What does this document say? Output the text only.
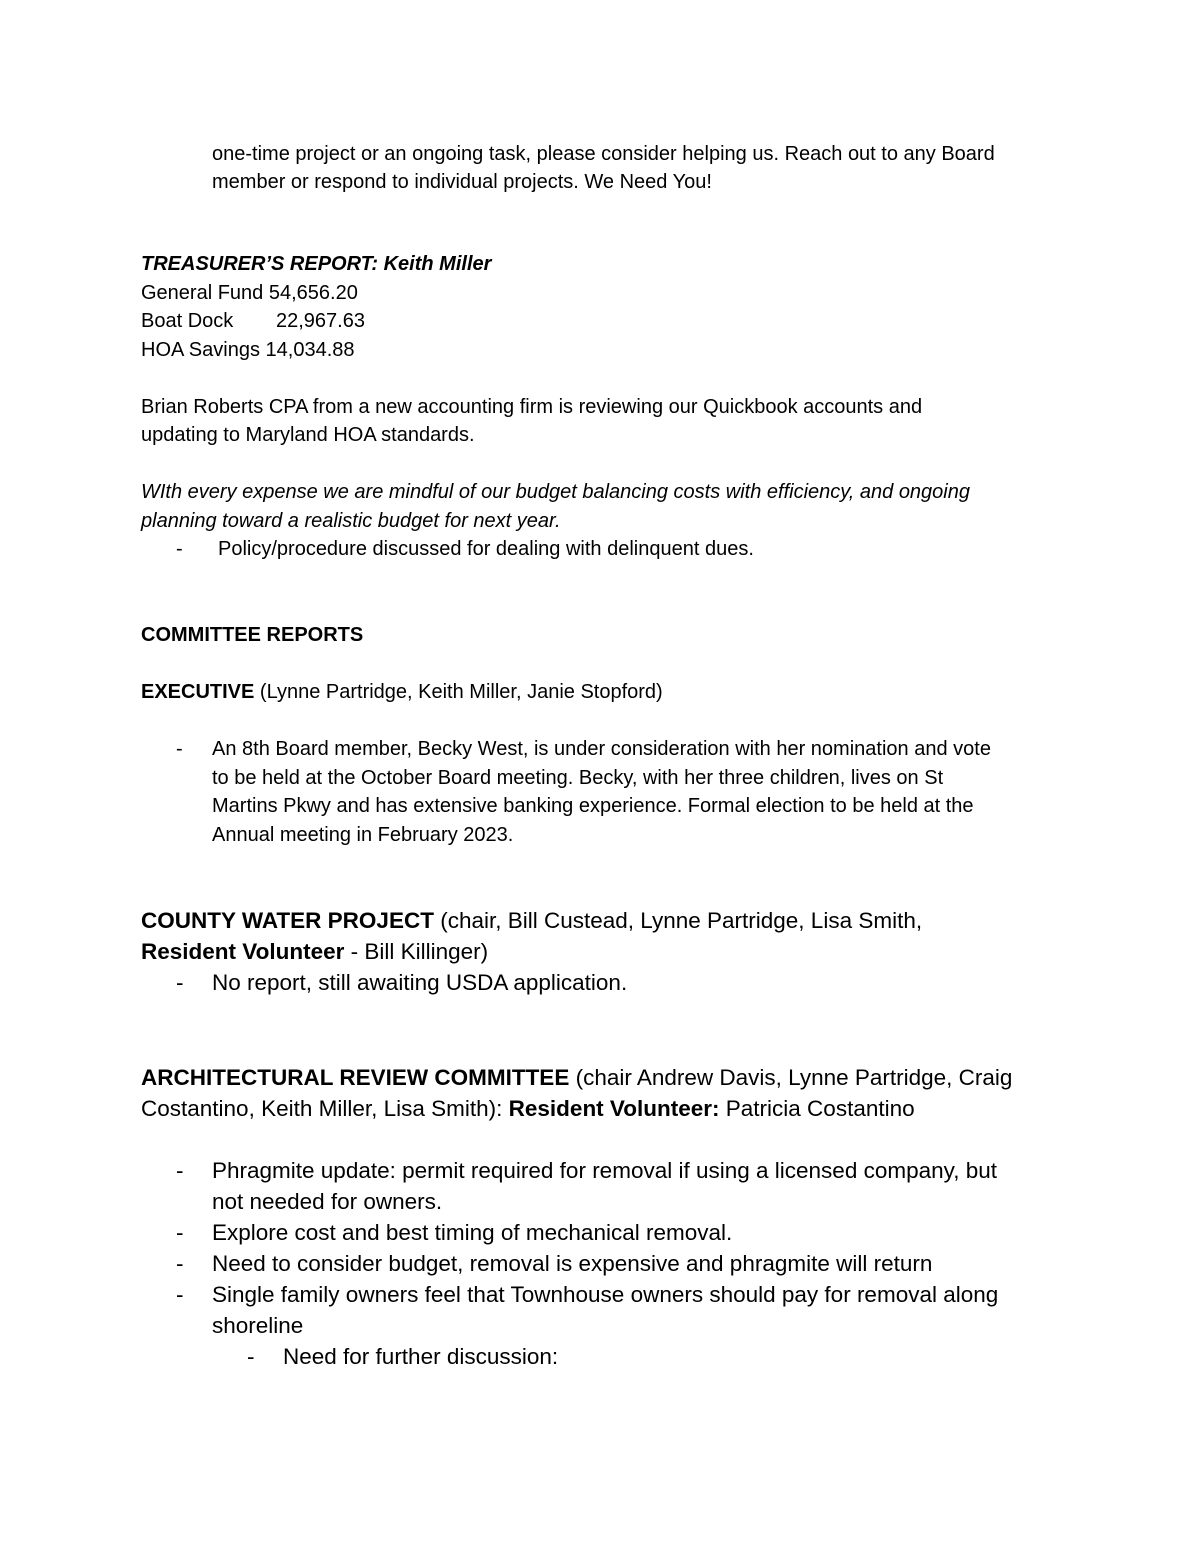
one-time project or an ongoing task, please consider helping us. Reach out to any Board
member or respond to individual projects. We Need You!
TREASURER’S REPORT: Keith Miller
General Fund 54,656.20
Boat Dock 22,967.63
HOA Savings 14,034.88
Brian Roberts CPA from a new accounting firm is reviewing our Quickbook accounts and
updating to Maryland HOA standards.
WIth every expense we are mindful of our budget balancing costs with efficiency, and ongoing
planning toward a realistic budget for next year.
- Policy/procedure discussed for dealing with delinquent dues.
COMMITTEE REPORTS
EXECUTIVE (Lynne Partridge, Keith Miller, Janie Stopford)
- An 8th Board member, Becky West, is under consideration with her nomination and vote
to be held at the October Board meeting. Becky, with her three children, lives on St
Martins Pkwy and has extensive banking experience. Formal election to be held at the
Annual meeting in February 2023.
COUNTY WATER PROJECT (chair, Bill Custead, Lynne Partridge, Lisa Smith,
Resident Volunteer - Bill Killinger)
- No report, still awaiting USDA application.
ARCHITECTURAL REVIEW COMMITTEE (chair Andrew Davis, Lynne Partridge, Craig
Costantino, Keith Miller, Lisa Smith): Resident Volunteer: Patricia Costantino
- Phragmite update: permit required for removal if using a licensed company, but
not needed for owners.
- Explore cost and best timing of mechanical removal.
- Need to consider budget, removal is expensive and phragmite will return
- Single family owners feel that Townhouse owners should pay for removal along
shoreline
- Need for further discussion:
